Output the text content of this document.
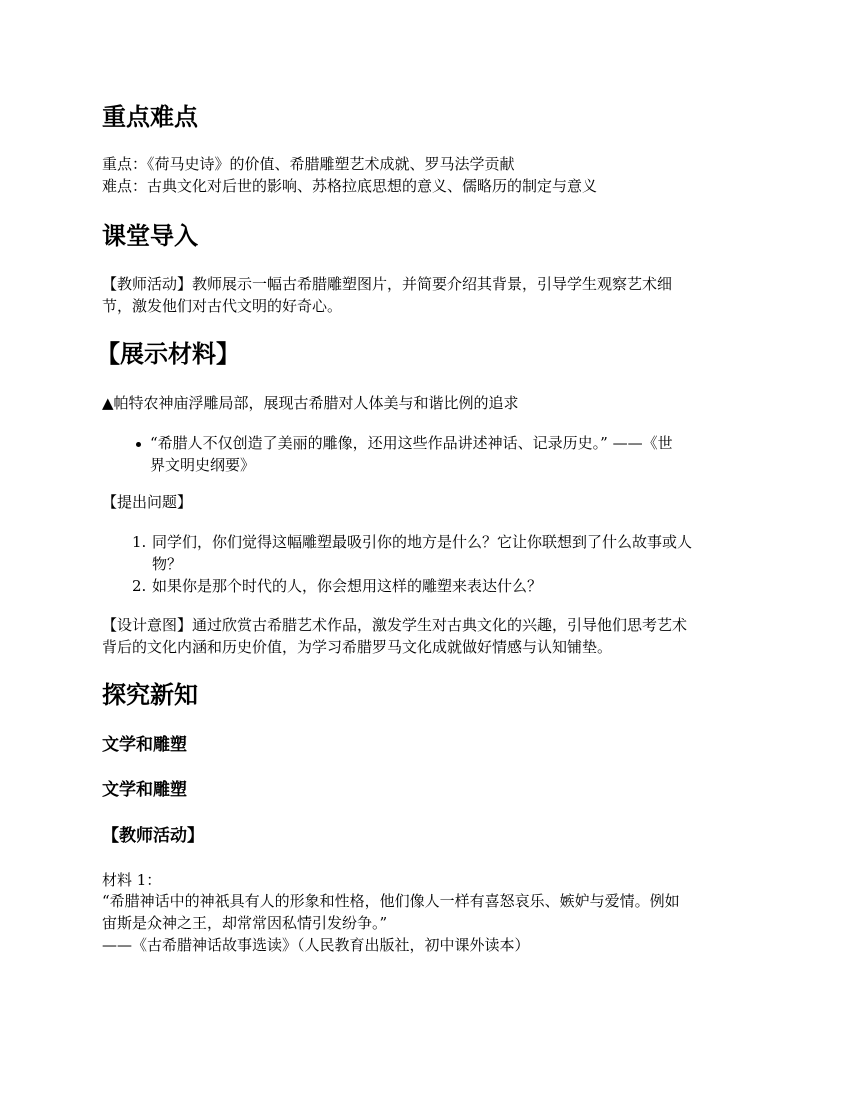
重点难点

重点：《荷马史诗》的价值、希腊雕塑艺术成就、罗马法学贡献

难点：古典文化对后世的影响、苏格拉底思想的意义、儒略历的制定与意义

课堂导入

【教师活动】教师展示一幅古希腊雕塑图片，并简要介绍其背景，引导学生观察艺术细

节，激发他们对古代文明的好奇心。

【展示材料】

▲帕特农神庙浮雕局部，展现古希腊对人体美与和谐比例的追求

“希腊人不仅创造了美丽的雕像，还用这些作品讲述神话、记录历史。” ——《世
界文明史纲要》

【提出问题】

1. 同学们，你们觉得这幅雕塑最吸引你的地方是什么？它让你联想到了什么故事或人
物？
2. 如果你是那个时代的人，你会想用这样的雕塑来表达什么？

【设计意图】通过欣赏古希腊艺术作品，激发学生对古典文化的兴趣，引导他们思考艺术

背后的文化内涵和历史价值，为学习希腊罗马文化成就做好情感与认知铺垫。

探究新知
文学和雕塑
文学和雕塑
【教师活动】

材料 1：

“希腊神话中的神祇具有人的形象和性格，他们像人一样有喜怒哀乐、嫉妒与爱情。例如

宙斯是众神之王，却常常因私情引发纷争。”

——《古希腊神话故事选读》（人民教育出版社，初中课外读本）
